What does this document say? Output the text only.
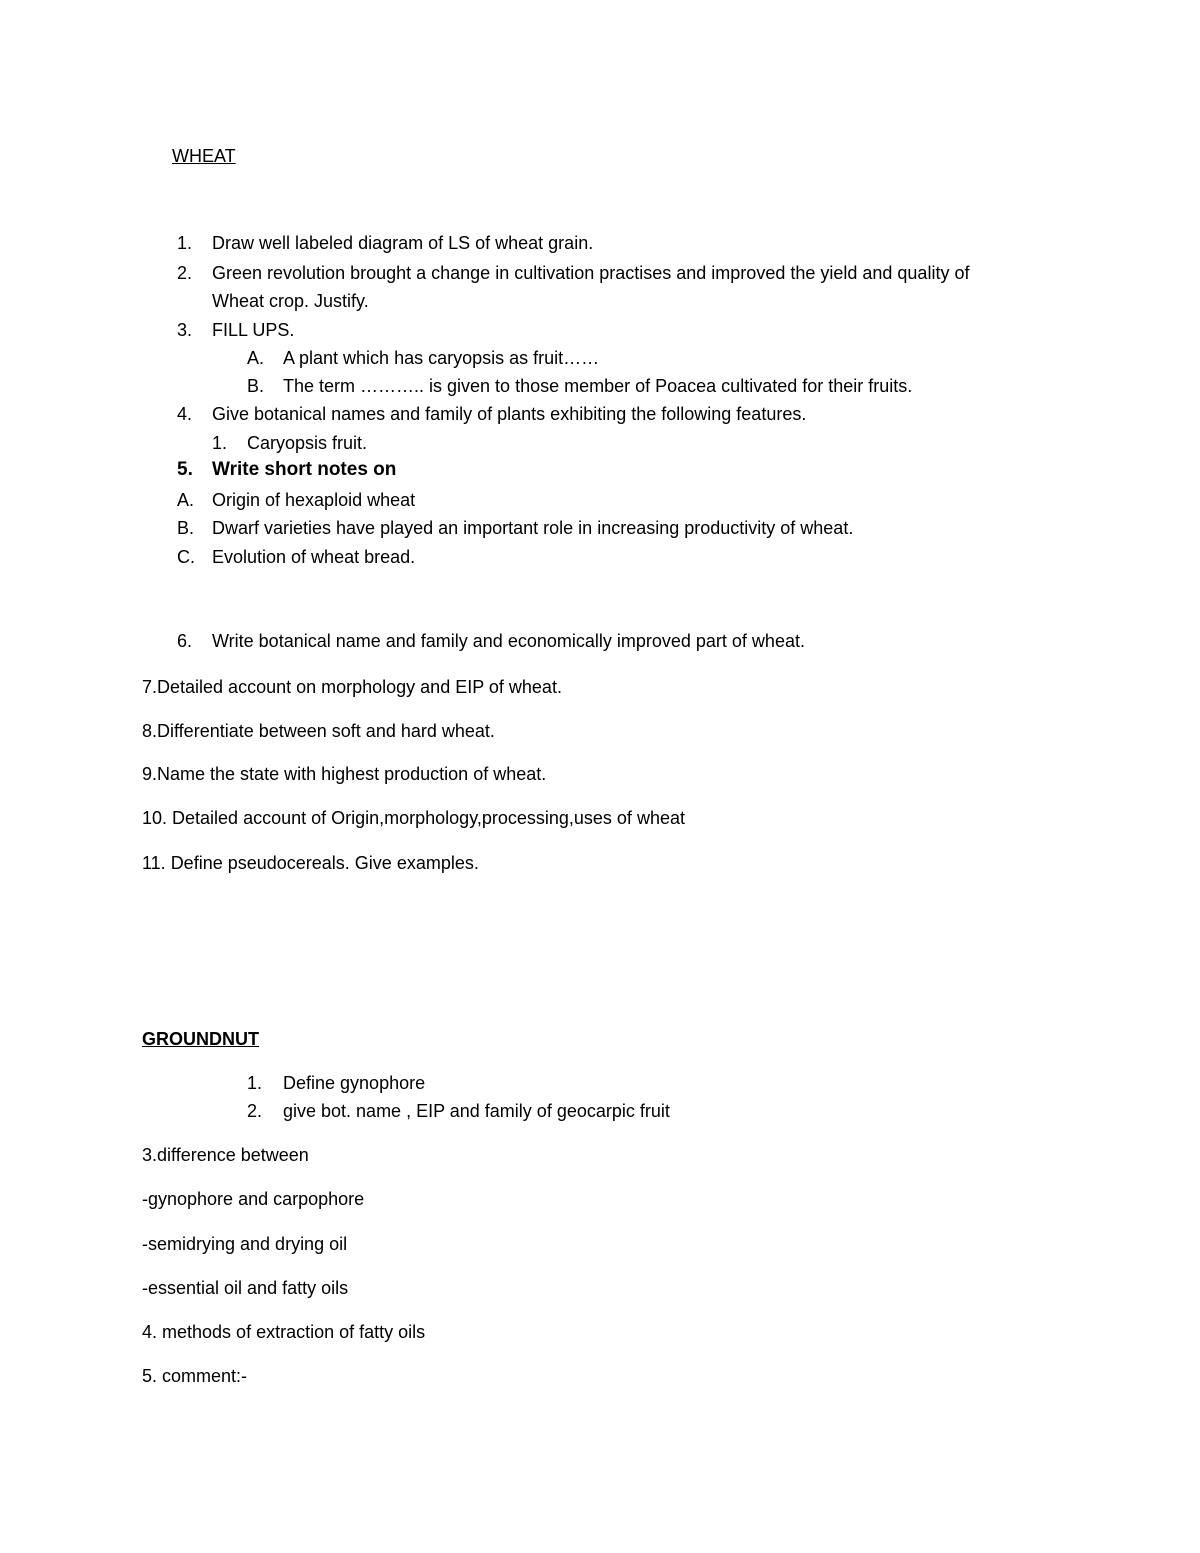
WHEAT
1. Draw well labeled diagram of LS of wheat grain.
2. Green revolution brought a change in cultivation practises and improved the yield and quality of
Wheat crop. Justify.
3. FILL UPS.
A. A plant which has caryopsis as fruit……
B. The term ……….. is given to those member of Poacea cultivated for their fruits.
4. Give botanical names and family of plants exhibiting the following features.
1. Caryopsis fruit.
5. Write short notes on
A. Origin of hexaploid wheat
B. Dwarf varieties have played an important role in increasing productivity of wheat.
C. Evolution of wheat bread.
6. Write botanical name and family and economically improved part of wheat.
7.Detailed account on morphology and EIP of wheat.
8.Differentiate between soft and hard wheat.
9.Name the state with highest production of wheat.
10. Detailed account of Origin,morphology,processing,uses of wheat
11. Define pseudocereals. Give examples.
GROUNDNUT
1. Define gynophore
2. give bot. name , EIP and family of geocarpic fruit
3.difference between
-gynophore and carpophore
-semidrying and drying oil
-essential oil and fatty oils
4. methods of extraction of fatty oils
5. comment:-
